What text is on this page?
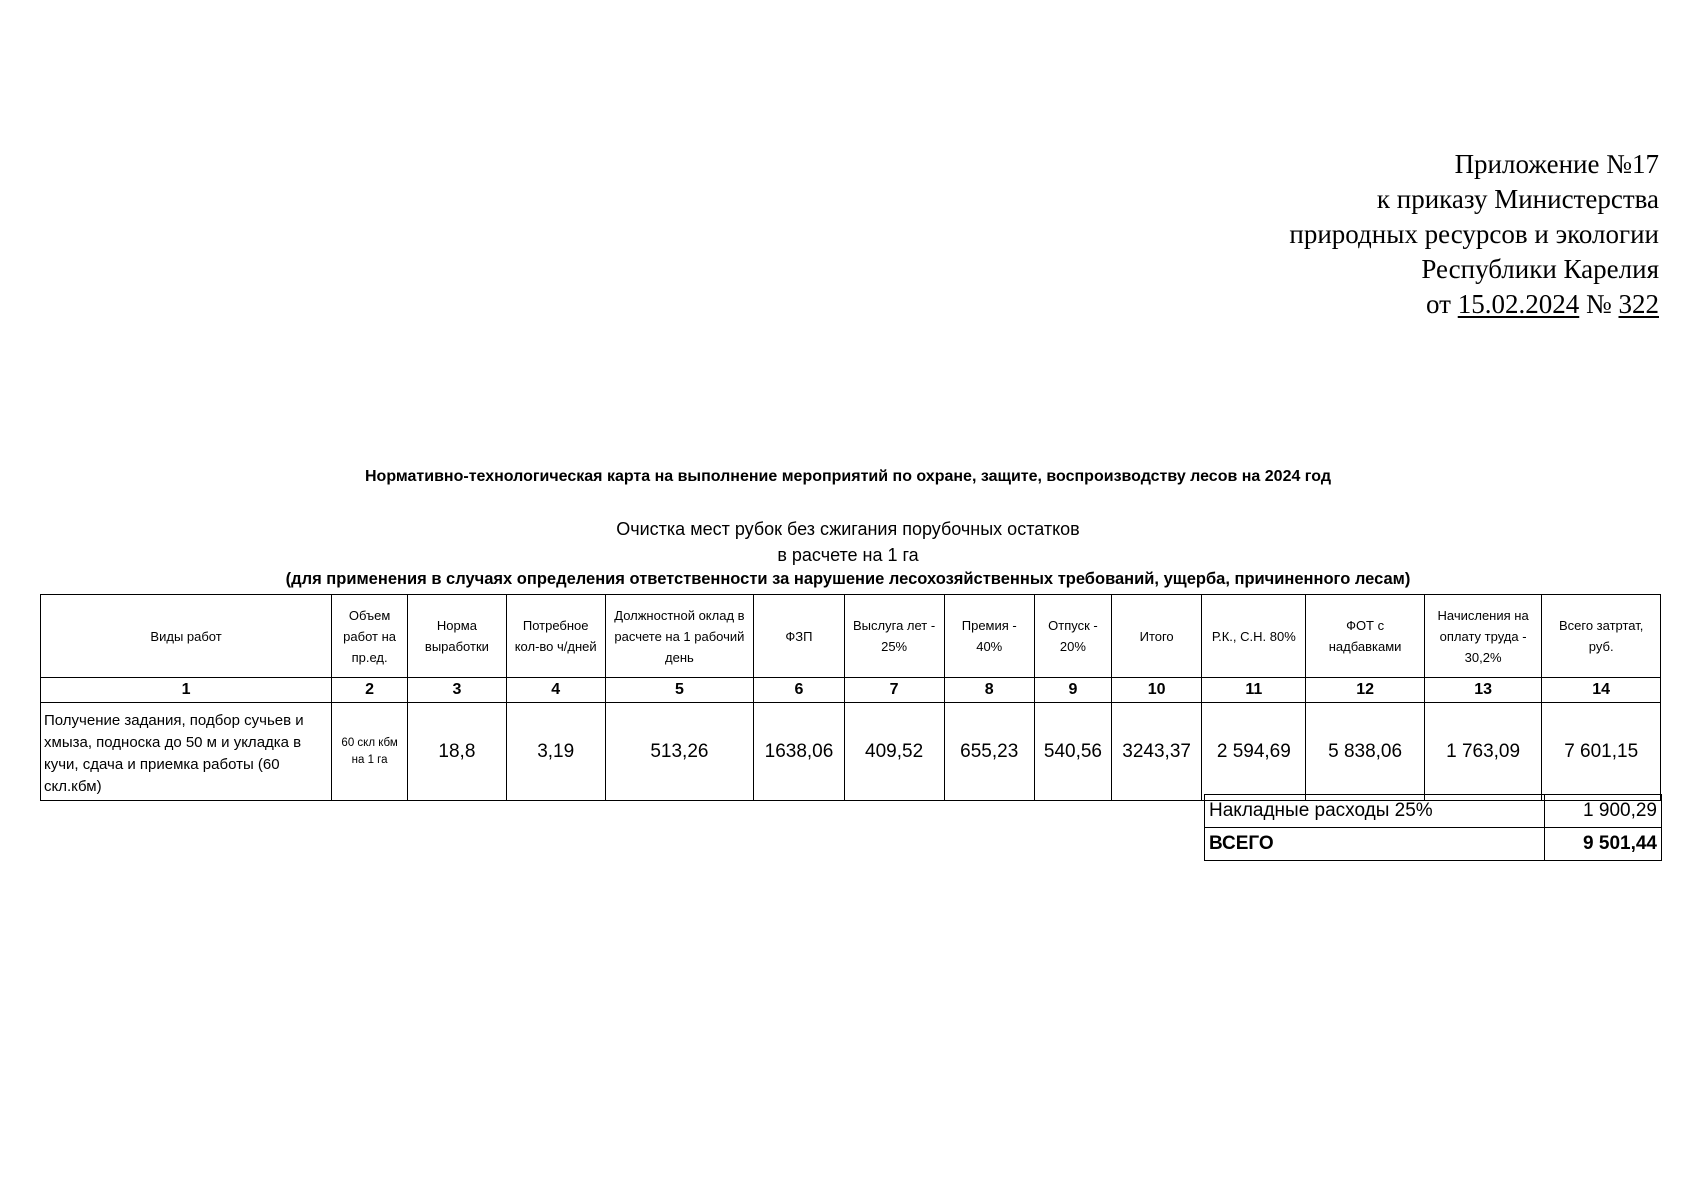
Приложение №17
к приказу Министерства
природных ресурсов и экологии
Республики Карелия
от 15.02.2024 № 322
Нормативно-технологическая карта на выполнение мероприятий по охране, защите, воспроизводству лесов на 2024 год
Очистка мест рубок без сжигания порубочных остатков
в расчете на 1 га
(для применения в случаях определения ответственности за нарушение лесохозяйственных требований, ущерба, причиненного лесам)
Виды работ	Объем работ на пр.ед.	Норма выработки	Потребное кол-во ч/дней	Должностной оклад в расчете на 1 рабочий день	ФЗП	Выслуга лет - 25%	Премия - 40%	Отпуск - 20%	Итого	Р.К., С.Н. 80%	ФОТ с надбавками	Начисления на оплату труда - 30,2%	Всего затртат, руб.
1	2	3	4	5	6	7	8	9	10	11	12	13	14
Получение задания, подбор сучьев и хмыза, подноска до 50 м и укладка в кучи, сдача и приемка работы (60 скл.кбм)	60 скл кбм на 1 га	18,8	3,19	513,26	1638,06	409,52	655,23	540,56	3243,37	2 594,69	5 838,06	1 763,09	7 601,15
Накладные расходы 25%	1 900,29
ВСЕГО	9 501,44
